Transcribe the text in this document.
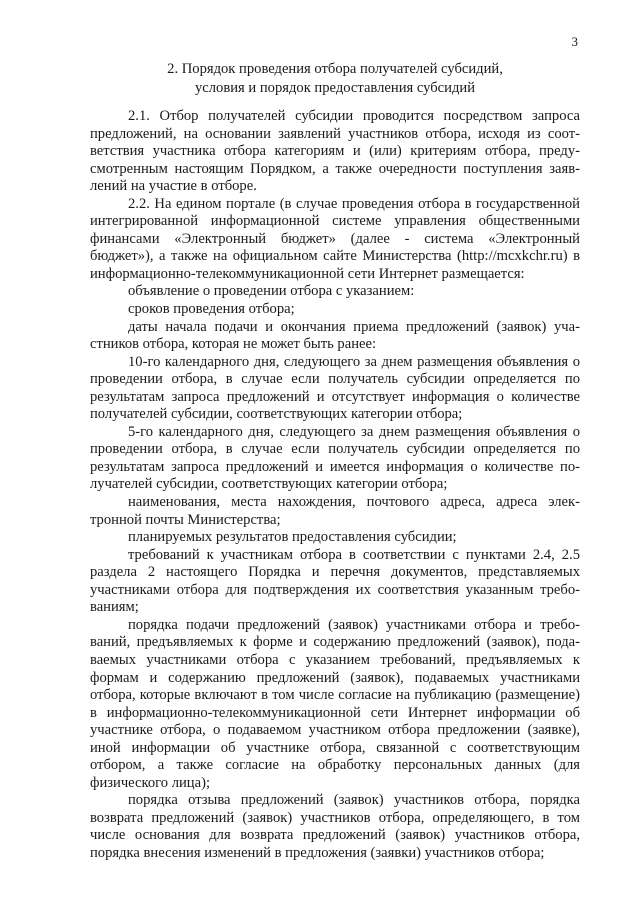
3
2. Порядок проведения отбора получателей субсидий,
условия и порядок предоставления субсидий

2.1. Отбор получателей субсидии проводится посредством запроса предложений, на основании заявлений участников отбора, исходя из соответствия участника отбора категориям и (или) критериям отбора, предусмотренным настоящим Порядком, а также очередности поступления заявлений на участие в отборе.

2.2. На едином портале (в случае проведения отбора в государственной интегрированной информационной системе управления общественными финансами «Электронный бюджет» (далее - система «Электронный бюджет»), а также на официальном сайте Министерства (http://mcxkchr.ru) в информационно-телекоммуникационной сети Интернет размещается:

объявление о проведении отбора с указанием:

сроков проведения отбора;

даты начала подачи и окончания приема предложений (заявок) участников отбора, которая не может быть ранее:

10-го календарного дня, следующего за днем размещения объявления о проведении отбора, в случае если получатель субсидии определяется по результатам запроса предложений и отсутствует информация о количестве получателей субсидии, соответствующих категории отбора;

5-го календарного дня, следующего за днем размещения объявления о проведении отбора, в случае если получатель субсидии определяется по результатам запроса предложений и имеется информация о количестве получателей субсидии, соответствующих категории отбора;

наименования, места нахождения, почтового адреса, адреса электронной почты Министерства;

планируемых результатов предоставления субсидии;

требований к участникам отбора в соответствии с пунктами 2.4, 2.5 раздела 2 настоящего Порядка и перечня документов, представляемых участниками отбора для подтверждения их соответствия указанным требованиям;

порядка подачи предложений (заявок) участниками отбора и требований, предъявляемых к форме и содержанию предложений (заявок), подаваемых участниками отбора с указанием требований, предъявляемых к формам и содержанию предложений (заявок), подаваемых участниками отбора, которые включают в том числе согласие на публикацию (размещение) в информационно-телекоммуникационной сети Интернет информации об участнике отбора, о подаваемом участником отбора предложении (заявке), иной информации об участнике отбора, связанной с соответствующим отбором, а также согласие на обработку персональных данных (для физического лица);

порядка отзыва предложений (заявок) участников отбора, порядка возврата предложений (заявок) участников отбора, определяющего, в том числе основания для возврата предложений (заявок) участников отбора, порядка внесения изменений в предложения (заявки) участников отбора;
